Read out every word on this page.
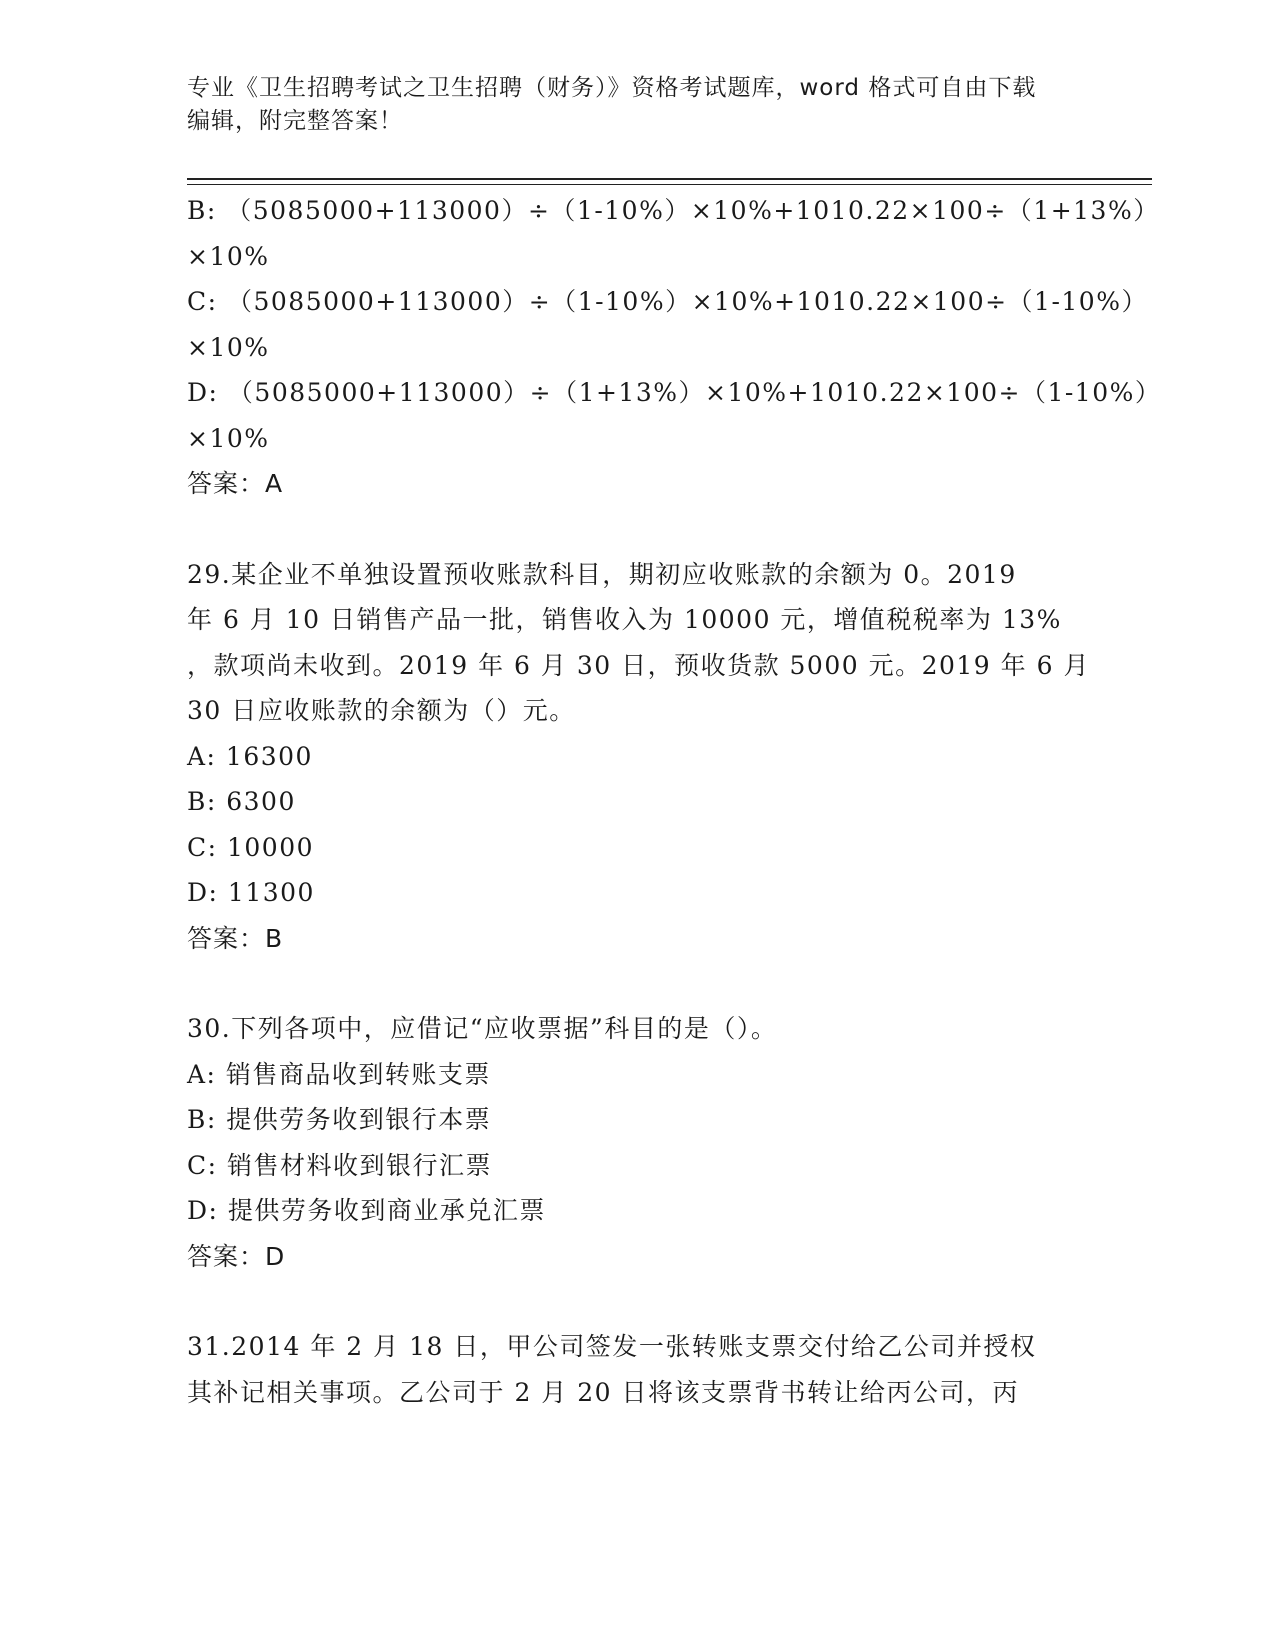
专业《卫生招聘考试之卫生招聘（财务）》资格考试题库，word 格式可自由下载
编辑，附完整答案！
B: （5085000+113000）÷（1-10%）×10%+1010.22×100÷（1+13%）
×10%
C: （5085000+113000）÷（1-10%）×10%+1010.22×100÷（1-10%）
×10%
D: （5085000+113000）÷（1+13%）×10%+1010.22×100÷（1-10%）
×10%
答案：A
29.某企业不单独设置预收账款科目，期初应收账款的余额为 0。2019
年 6 月 10 日销售产品一批，销售收入为 10000 元，增值税税率为 13%
，款项尚未收到。2019 年 6 月 30 日，预收货款 5000 元。2019 年 6 月
30 日应收账款的余额为（）元。
A: 16300
B: 6300
C: 10000
D: 11300
答案：B
30.下列各项中，应借记“应收票据”科目的是（）。
A: 销售商品收到转账支票
B: 提供劳务收到银行本票
C: 销售材料收到银行汇票
D: 提供劳务收到商业承兑汇票
答案：D
31.2014 年 2 月 18 日，甲公司签发一张转账支票交付给乙公司并授权
其补记相关事项。乙公司于 2 月 20 日将该支票背书转让给丙公司，丙
